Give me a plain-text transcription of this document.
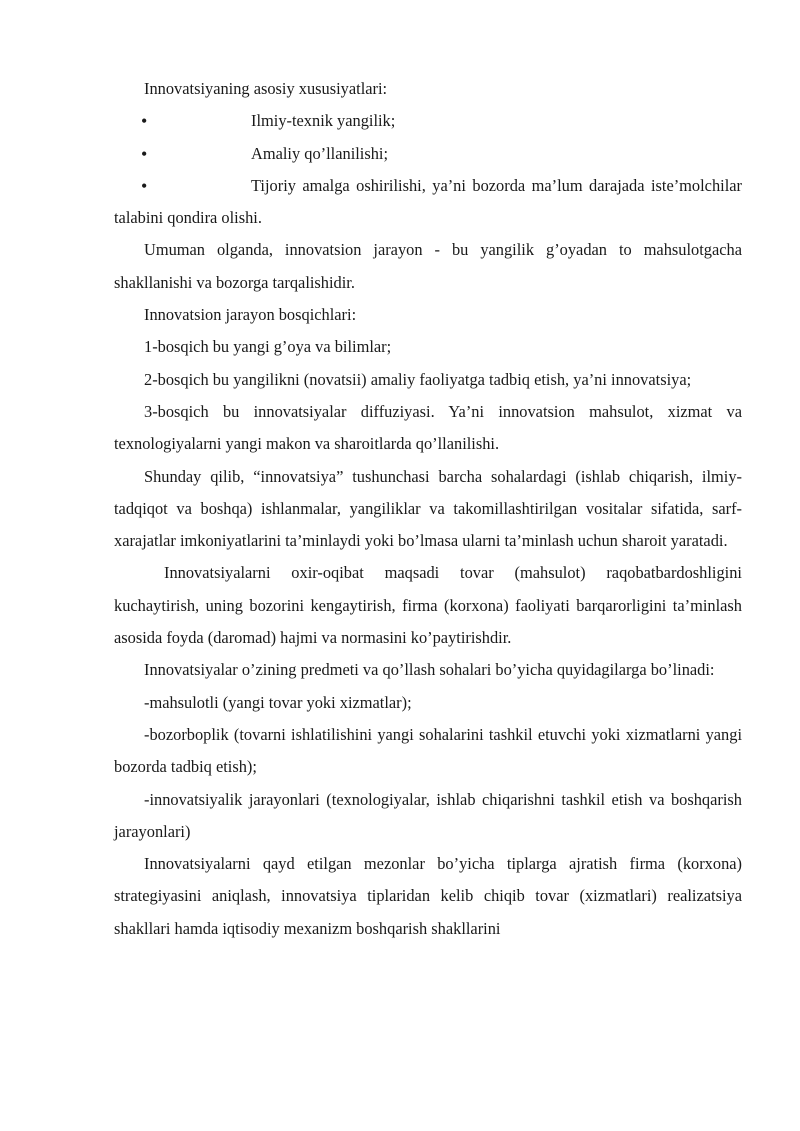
Innovatsiyaning asosiy xususiyatlari:

•	Ilmiy-texnik yangilik;

•	Amaliy qo’llanilishi;

•	Tijoriy amalga oshirilishi, ya’ni bozorda ma’lum darajada iste’molchilar talabini qondira olishi.

Umuman olganda, innovatsion jarayon - bu yangilik g’oyadan to mahsulotgacha shakllanishi va bozorga tarqalishidir.

Innovatsion jarayon bosqichlari:

1-bosqich bu yangi g’oya va bilimlar;

2-bosqich bu yangilikni (novatsii) amaliy faoliyatga tadbiq etish, ya’ni innovatsiya;

3-bosqich bu innovatsiyalar diffuziyasi. Ya’ni innovatsion mahsulot, xizmat va texnologiyalarni yangi makon va sharoitlarda qo’llanilishi.

Shunday qilib, “innovatsiya” tushunchasi barcha sohalardagi (ishlab chiqarish, ilmiy-tadqiqot va boshqa) ishlanmalar, yangiliklar va takomillashtirilgan vositalar sifatida, sarf-xarajatlar imkoniyatlarini ta’minlaydi yoki bo’lmasa ularni ta’minlash uchun sharoit yaratadi.

Innovatsiyalarni oxir-oqibat maqsadi tovar (mahsulot) raqobatbardoshligini kuchaytirish, uning bozorini kengaytirish, firma (korxona) faoliyati barqarorligini ta’minlash asosida foyda (daromad) hajmi va normasini ko’paytirishdir.

Innovatsiyalar o’zining predmeti va qo’llash sohalari bo’yicha quyidagilarga bo’linadi:

-mahsulotli (yangi tovar yoki xizmatlar);

-bozorboplik (tovarni ishlatilishini yangi sohalarini tashkil etuvchi yoki xizmatlarni yangi bozorda tadbiq etish);

-innovatsiyalik jarayonlari (texnologiyalar, ishlab chiqarishni tashkil etish va boshqarish jarayonlari)

Innovatsiyalarni qayd etilgan mezonlar bo’yicha tiplarga ajratish firma (korxona) strategiyasini aniqlash, innovatsiya tiplaridan kelib chiqib tovar (xizmatlari) realizatsiya shakllari hamda iqtisodiy mexanizm boshqarish shakllarini
